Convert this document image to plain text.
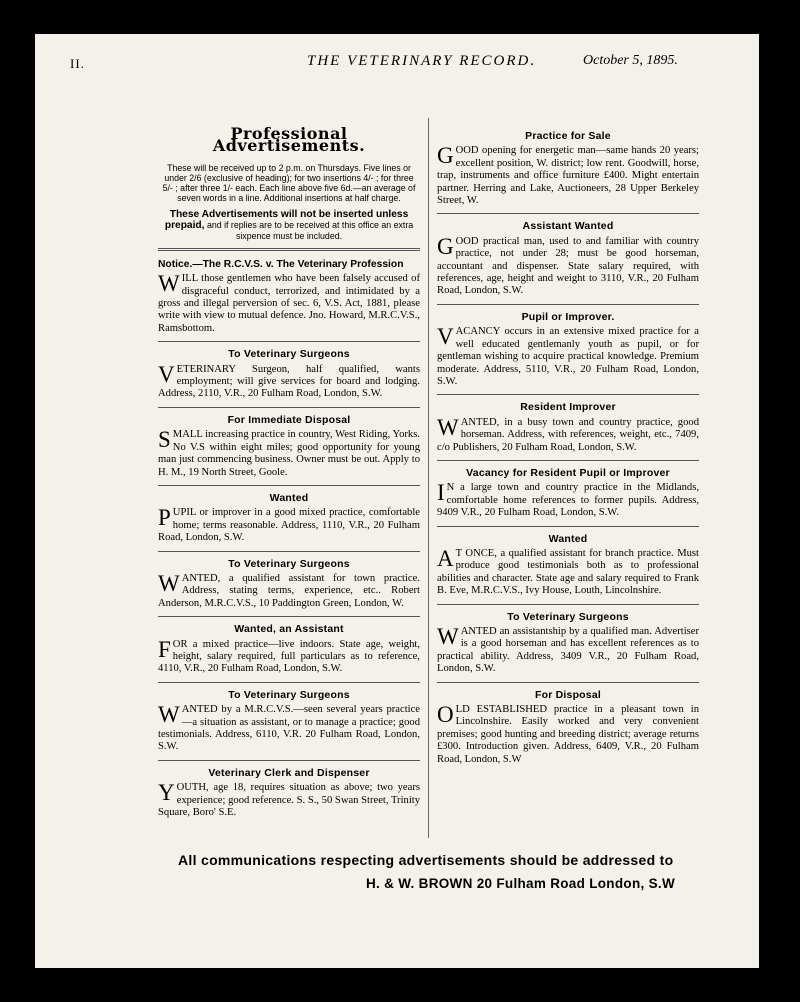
II.	THE VETERINARY RECORD.	October 5, 1895.
Professional Advertisements.
These will be received up to 2 p.m. on Thursdays. Five lines or under 2/6 (exclusive of heading); for two insertions 4/- ; for three 5/- ; after three 1/- each. Each line above five 6d.—an average of seven words in a line. Additional insertions at half charge.
These Advertisements will not be inserted unless prepaid, and if replies are to be received at this office an extra sixpence must be included.
Notice.—The R.C.V.S. v. The Veterinary Profession
WILL those gentlemen who have been falsely accused of disgraceful conduct, terrorized, and intimidated by a gross and illegal perversion of sec. 6, V.S. Act, 1881, please write with view to mutual defence. Jno. Howard, M.R.C.V.S., Ramsbottom.
To Veterinary Surgeons
VETERINARY Surgeon, half qualified, wants employment; will give services for board and lodging. Address, 2110, V.R., 20 Fulham Road, London, S.W.
For Immediate Disposal
SMALL increasing practice in country, West Riding, Yorks. No V.S within eight miles; good opportunity for young man just commencing business. Owner must be out. Apply to H. M., 19 North Street, Goole.
Wanted
PUPIL or improver in a good mixed practice, comfortable home; terms reasonable. Address, 1110, V.R., 20 Fulham Road, London, S.W.
To Veterinary Surgeons
WANTED, a qualified assistant for town practice. Address, stating terms, experience, etc.. Robert Anderson, M.R.C.V.S., 10 Paddington Green, London, W.
Wanted, an Assistant
FOR a mixed practice—live indoors. State age, weight, height, salary required, full particulars as to reference, 4110, V.R., 20 Fulham Road, London, S.W.
To Veterinary Surgeons
WANTED by a M.R.C.V.S.—seen several years practice—a situation as assistant, or to manage a practice; good testimonials. Address, 6110, V.R. 20 Fulham Road, London, S.W.
Veterinary Clerk and Dispenser
YOUTH, age 18, requires situation as above; two years experience; good reference. S. S., 50 Swan Street, Trinity Square, Boro' S.E.
Practice for Sale
GOOD opening for energetic man—same hands 20 years; excellent position, W. district; low rent. Goodwill, horse, trap, instruments and office furniture £400. Might entertain partner. Herring and Lake, Auctioneers, 28 Upper Berkeley Street, W.
Assistant Wanted
GOOD practical man, used to and familiar with country practice, not under 28; must be good horseman, accountant and dispenser. State salary required, with references, age, height and weight to 3110, V.R., 20 Fulham Road, London, S.W.
Pupil or Improver.
VACANCY occurs in an extensive mixed practice for a well educated gentlemanly youth as pupil, or for gentleman wishing to acquire practical knowledge. Premium moderate. Address, 5110, V.R., 20 Fulham Road, London, S.W.
Resident Improver
WANTED, in a busy town and country practice, good horseman. Address, with references, weight, etc., 7409, c/o Publishers, 20 Fulham Road, London, S.W.
Vacancy for Resident Pupil or Improver
I N a large town and country practice in the Midlands, comfortable home references to former pupils. Address, 9409 V.R., 20 Fulham Road, London, S.W.
Wanted
A T ONCE, a qualified assistant for branch practice. Must produce good testimonials both as to professional abilities and character. State age and salary required to Frank B. Eve, M.R.C.V.S., Ivy House, Louth, Lincolnshire.
To Veterinary Surgeons
WANTED an assistantship by a qualified man. Advertiser is a good horseman and has excellent references as to practical ability. Address, 3409 V.R., 20 Fulham Road, London, S.W.
For Disposal
OLD ESTABLISHED practice in a pleasant town in Lincolnshire. Easily worked and very convenient premises; good hunting and breeding district; average returns £300. Introduction given. Address, 6409, V.R., 20 Fulham Road, London, S.W
All communications respecting advertisements should be addressed to
H. & W. BROWN 20 Fulham Road London, S.W
